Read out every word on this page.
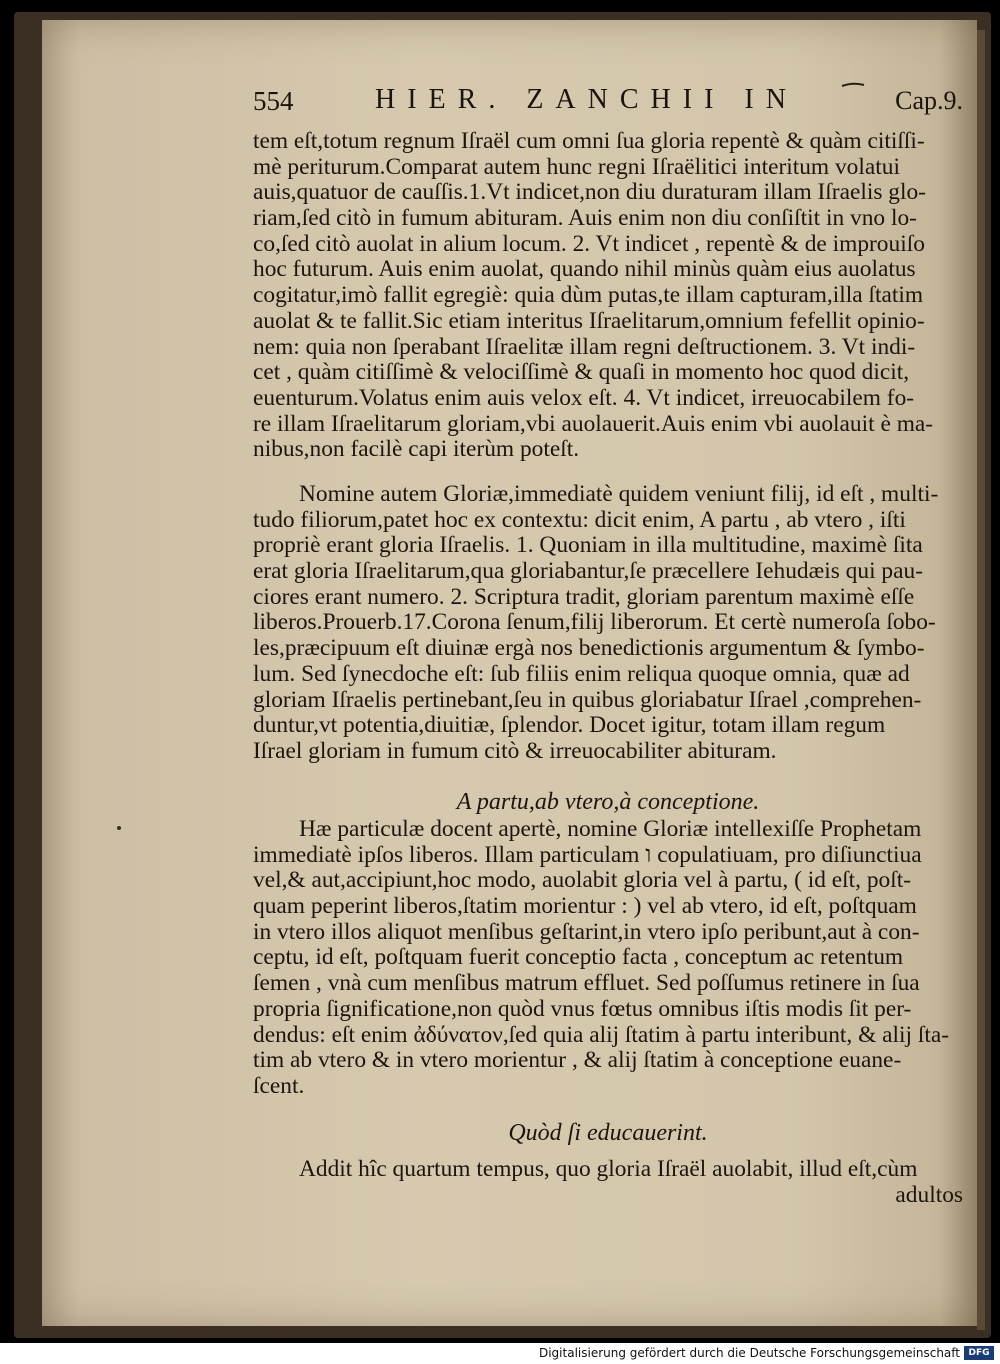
554	HIER. ZANCHII IN	Cap.9.
tem eſt,totum regnum Iſraël cum omni ſua gloria repentè & quàm citiſſi-
mè periturum.Comparat autem hunc regni Iſraëlitici interitum volatui
auis,quatuor de cauſſis.1.Vt indicet,non diu duraturam illam Iſraelis glo-
riam,ſed citò in fumum abituram. Auis enim non diu conſiſtit in vno lo-
co,ſed citò auolat in alium locum. 2. Vt indicet , repentè & de improuiſo
hoc futurum. Auis enim auolat, quando nihil minùs quàm eius auolatus
cogitatur,imò fallit egregiè: quia dùm putas,te illam capturam,illa ſtatim
auolat & te fallit.Sic etiam interitus Iſraelitarum,omnium fefellit opinio-
nem: quia non ſperabant Iſraelitæ illam regni deſtructionem. 3. Vt indi-
cet , quàm citiſſimè & velociſſimè & quaſi in momento hoc quod dicit,
euenturum.Volatus enim auis velox eſt. 4. Vt indicet, irreuocabilem fo-
re illam Iſraelitarum gloriam,vbi auolauerit.Auis enim vbi auolauit è ma-
nibus,non facilè capi iterùm poteſt.
Nomine autem Gloriæ,immediatè quidem veniunt filij, id eſt , multi-
tudo filiorum,patet hoc ex contextu: dicit enim, A partu , ab vtero , iſti
propriè erant gloria Iſraelis. 1. Quoniam in illa multitudine, maximè ſita
erat gloria Iſraelitarum,qua gloriabantur,ſe præcellere Iehudæis qui pau-
ciores erant numero. 2. Scriptura tradit, gloriam parentum maximè eſſe
liberos.Prouerb.17.Corona ſenum,filij liberorum. Et certè numeroſa ſobo-
les,præcipuum eſt diuinæ ergà nos benedictionis argumentum & ſymbo-
lum. Sed ſynecdoche eſt: ſub filiis enim reliqua quoque omnia, quæ ad
gloriam Iſraelis pertinebant,ſeu in quibus gloriabatur Iſrael ,comprehen-
duntur,vt potentia,diuitiæ, ſplendor. Docet igitur, totam illam regum
Iſrael gloriam in fumum citò & irreuocabiliter abituram.
A partu,ab vtero,à conceptione.
Hæ particulæ docent apertè, nomine Gloriæ intellexiſſe Prophetam
immediatè ipſos liberos. Illam particulam ו copulatiuam, pro diſiunctiua
vel,& aut,accipiunt,hoc modo, auolabit gloria vel à partu, ( id eſt, poſt-
quam peperint liberos,ſtatim morientur : ) vel ab vtero, id eſt, poſtquam
in vtero illos aliquot menſibus geſtarint,in vtero ipſo peribunt,aut à con-
ceptu, id eſt, poſtquam fuerit conceptio facta , conceptum ac retentum
ſemen , vnà cum menſibus matrum effluet. Sed poſſumus retinere in ſua
propria ſignificatione,non quòd vnus fœtus omnibus iſtis modis ſit per-
dendus: eſt enim ἀδύνατον,ſed quia alij ſtatim à partu interibunt, & alij ſta-
tim ab vtero & in vtero morientur , & alij ſtatim à conceptione euane-
ſcent.
Quòd ſi educauerint.
Addit hîc quartum tempus, quo gloria Iſraël auolabit, illud eſt,cùm
adultos
Digitalisierung gefördert durch die Deutsche Forschungsgemeinschaft DFG
